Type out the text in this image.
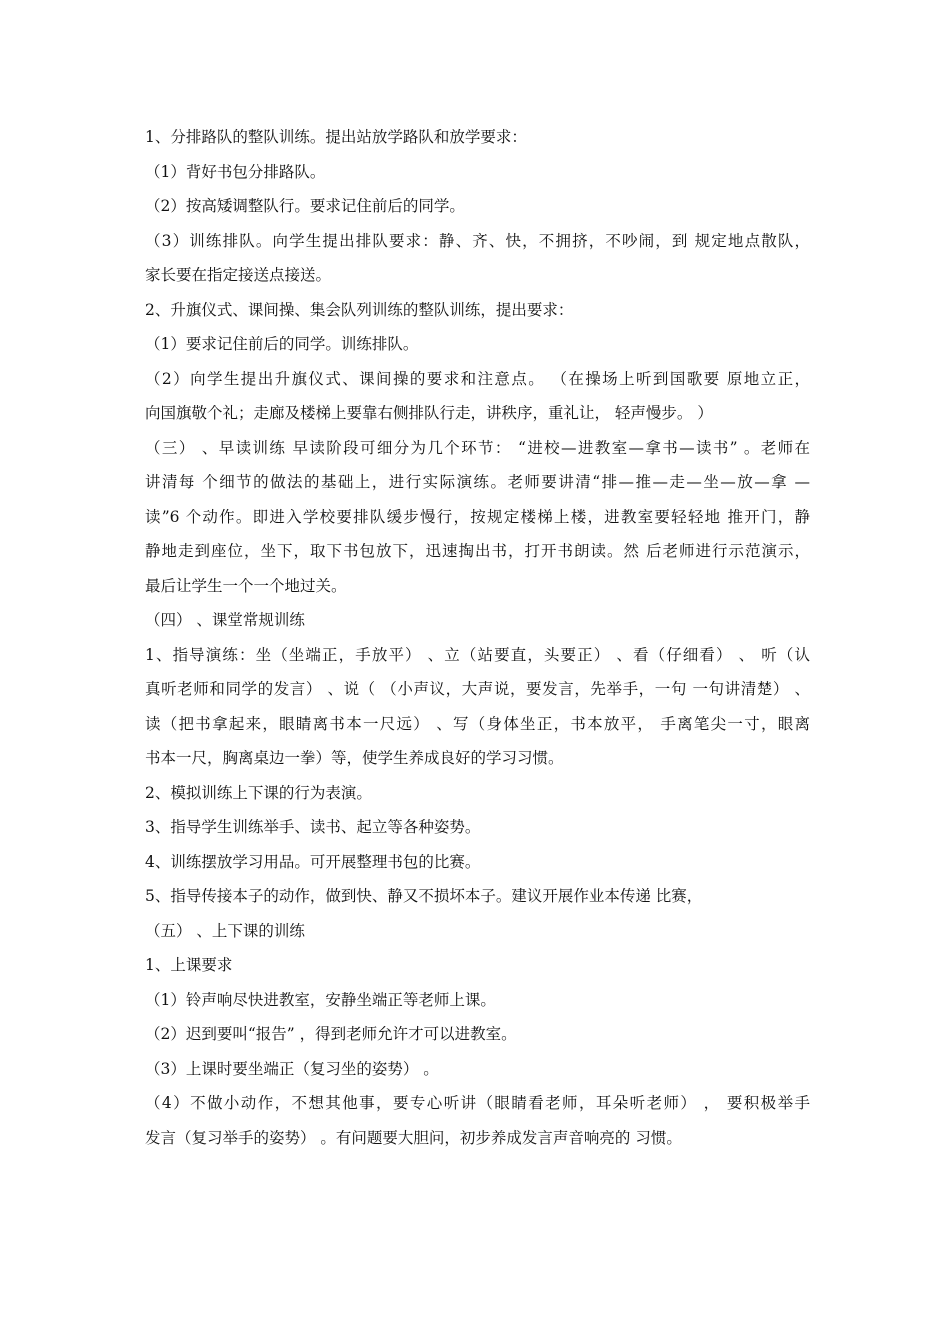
1、分排路队的整队训练。提出站放学路队和放学要求：
（1）背好书包分排路队。
（2）按高矮调整队行。要求记住前后的同学。
（3）训练排队。向学生提出排队要求：静、齐、快，不拥挤，不吵闹，到 规定地点散队，
家长要在指定接送点接送。
2、升旗仪式、课间操、集会队列训练的整队训练，提出要求：
（1）要求记住前后的同学。训练排队。
（2）向学生提出升旗仪式、课间操的要求和注意点。 （在操场上听到国歌要 原地立正，
向国旗敬个礼；走廊及楼梯上要靠右侧排队行走，讲秩序，重礼让， 轻声慢步。 ）
（三） 、早读训练 早读阶段可细分为几个环节： “进校—进教室—拿书—读书” 。老师在
讲清每 个细节的做法的基础上，进行实际演练。老师要讲清“排—推—走—坐—放—拿 —
读”6 个动作。即进入学校要排队缓步慢行，按规定楼梯上楼，进教室要轻轻地 推开门，静
静地走到座位，坐下，取下书包放下，迅速掏出书，打开书朗读。然 后老师进行示范演示，
最后让学生一个一个地过关。
（四） 、课堂常规训练
1、指导演练：坐（坐端正，手放平） 、立（站要直，头要正） 、看（仔细看） 、 听（认
真听老师和同学的发言） 、说（ （小声议，大声说，要发言，先举手，一句 一句讲清楚） 、
读（把书拿起来，眼睛离书本一尺远） 、写（身体坐正，书本放平， 手离笔尖一寸，眼离
书本一尺，胸离桌边一拳）等，使学生养成良好的学习习惯。
2、模拟训练上下课的行为表演。
3、指导学生训练举手、读书、起立等各种姿势。
4、训练摆放学习用品。可开展整理书包的比赛。
5、指导传接本子的动作，做到快、静又不损坏本子。建议开展作业本传递 比赛，
（五） 、上下课的训练
1、上课要求
（1）铃声响尽快进教室，安静坐端正等老师上课。
（2）迟到要叫“报告” ，得到老师允许才可以进教室。
（3）上课时要坐端正（复习坐的姿势） 。
（4）不做小动作，不想其他事，要专心听讲（眼睛看老师，耳朵听老师） ， 要积极举手
发言（复习举手的姿势） 。有问题要大胆问，初步养成发言声音响亮的 习惯。
